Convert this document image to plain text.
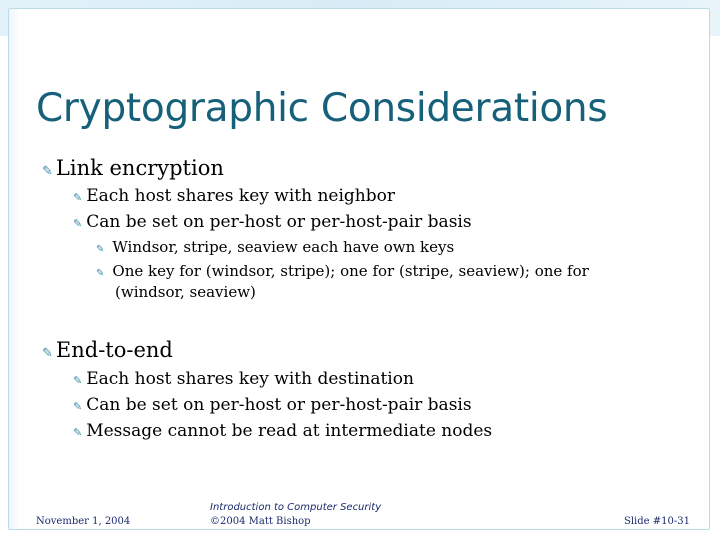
Cryptographic Considerations
✎ Link encryption
✎ Each host shares key with neighbor
✎ Can be set on per-host or per-host-pair basis
✎ Windsor, stripe, seaview each have own keys
✎ One key for (windsor, stripe); one for (stripe, seaview); one for
(windsor, seaview)
✎ End-to-end
✎ Each host shares key with destination
✎ Can be set on per-host or per-host-pair basis
✎ Message cannot be read at intermediate nodes
November 1, 2004
Introduction to Computer Security
©2004 Matt Bishop	Slide #10-31
